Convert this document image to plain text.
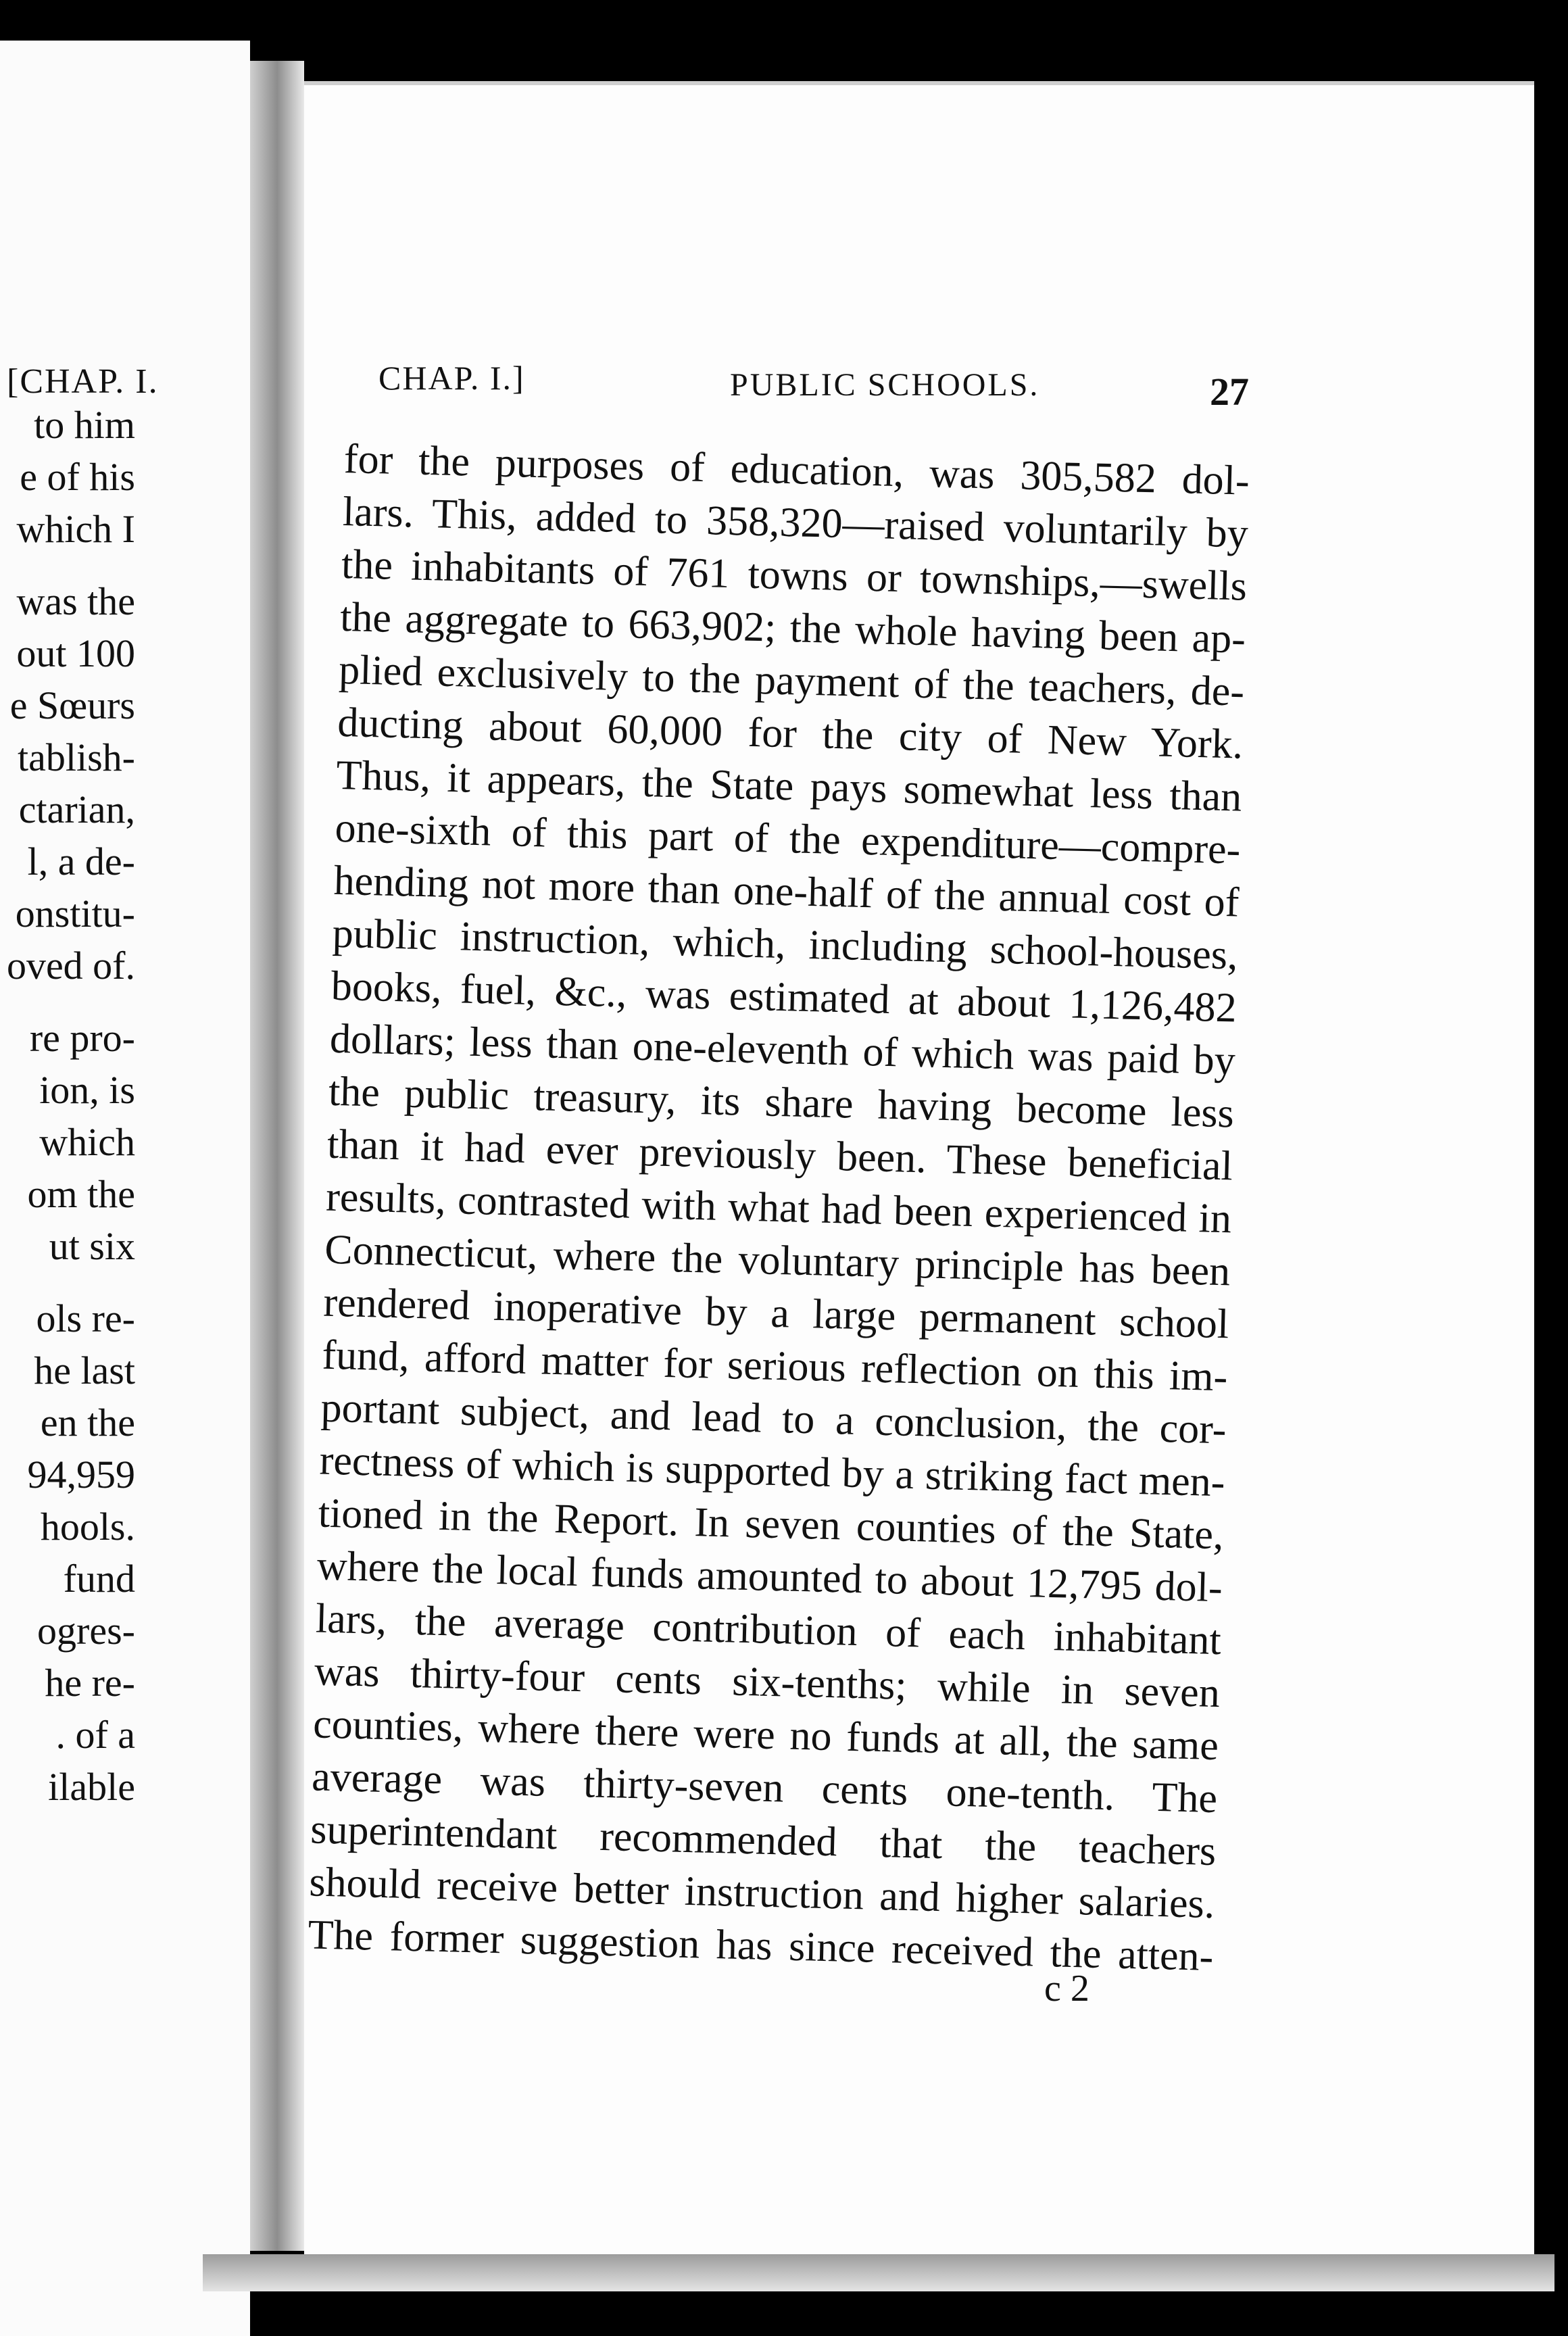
[CHAP. I.
to him
e of his
which I
was the
out 100
e Sœurs
tablish-
ctarian,
l, a de-
onstitu-
oved of.
re pro-
ion, is
which
om the
ut six
ols re-
he last
en the
94,959
hools.
fund
ogres-
he re-
. of a
ilable
CHAP. I.]	PUBLIC SCHOOLS.	27
for the purposes of education, was 305,582 dol-
lars. This, added to 358,320—raised voluntarily by
the inhabitants of 761 towns or townships,—swells
the aggregate to 663,902; the whole having been ap-
plied exclusively to the payment of the teachers, de-
ducting about 60,000 for the city of New York.
Thus, it appears, the State pays somewhat less than
one-sixth of this part of the expenditure—compre-
hending not more than one-half of the annual cost of
public instruction, which, including school-houses,
books, fuel, &c., was estimated at about 1,126,482
dollars; less than one-eleventh of which was paid by
the public treasury, its share having become less
than it had ever previously been. These beneficial
results, contrasted with what had been experienced in
Connecticut, where the voluntary principle has been
rendered inoperative by a large permanent school
fund, afford matter for serious reflection on this im-
portant subject, and lead to a conclusion, the cor-
rectness of which is supported by a striking fact men-
tioned in the Report. In seven counties of the State,
where the local funds amounted to about 12,795 dol-
lars, the average contribution of each inhabitant
was thirty-four cents six-tenths; while in seven
counties, where there were no funds at all, the same
average was thirty-seven cents one-tenth. The
superintendant recommended that the teachers
should receive better instruction and higher salaries.
The former suggestion has since received the atten-
c 2
